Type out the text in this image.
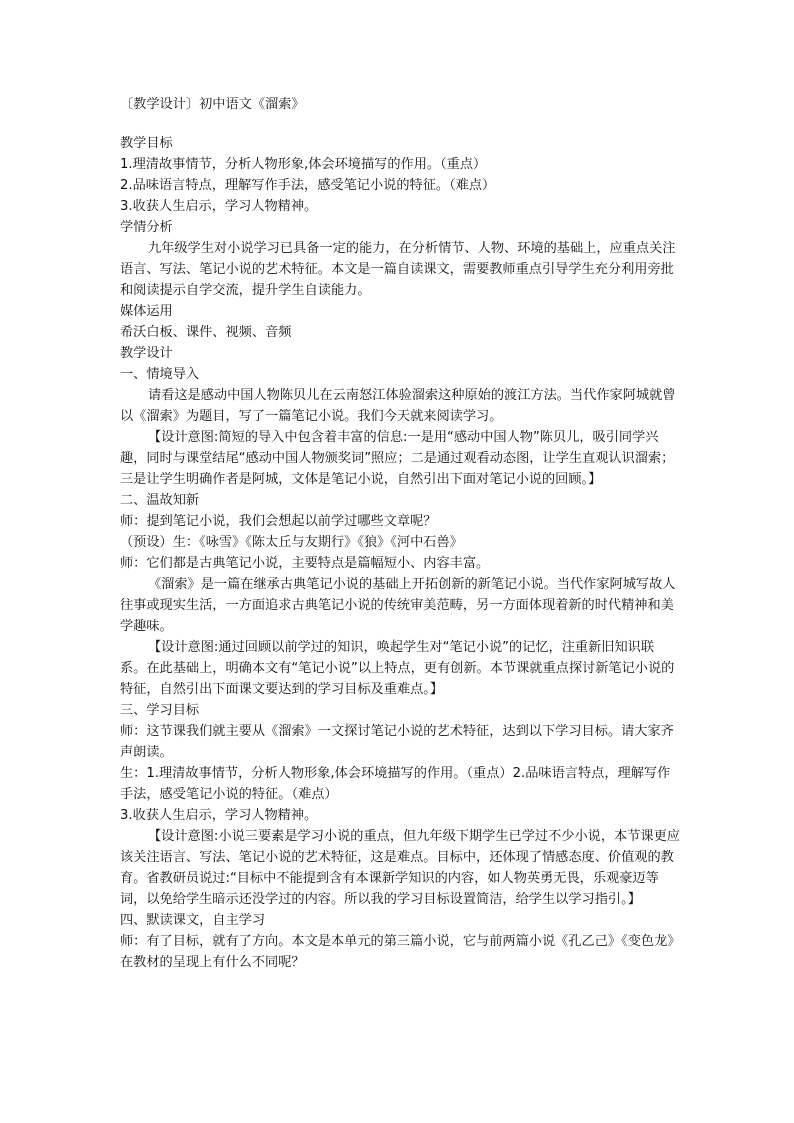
〔教学设计〕初中语文《溜索》

教学目标

1.理清故事情节，分析人物形象,体会环境描写的作用。（重点）

2.品味语言特点，理解写作手法，感受笔记小说的特征。（难点）

3.收获人生启示，学习人物精神。

学情分析

九年级学生对小说学习已具备一定的能力，在分析情节、人物、环境的基础上，应重点关注语言、写法、笔记小说的艺术特征。本文是一篇自读课文，需要教师重点引导学生充分利用旁批和阅读提示自学交流，提升学生自读能力。

媒体运用

希沃白板、课件、视频、音频

教学设计

一、情境导入

请看这是感动中国人物陈贝儿在云南怒江体验溜索这种原始的渡江方法。当代作家阿城就曾以《溜索》为题目，写了一篇笔记小说。我们今天就来阅读学习。

【设计意图:简短的导入中包含着丰富的信息:一是用“感动中国人物”陈贝儿，吸引同学兴趣，同时与课堂结尾“感动中国人物颁奖词”照应；二是通过观看动态图，让学生直观认识溜索；三是让学生明确作者是阿城，文体是笔记小说，自然引出下面对笔记小说的回顾。】

二、温故知新

师：提到笔记小说，我们会想起以前学过哪些文章呢？

（预设）生：《咏雪》《陈太丘与友期行》《狼》《河中石兽》

师：它们都是古典笔记小说，主要特点是篇幅短小、内容丰富。

《溜索》是一篇在继承古典笔记小说的基础上开拓创新的新笔记小说。当代作家阿城写故人往事或现实生活，一方面追求古典笔记小说的传统审美范畴，另一方面体现着新的时代精神和美学趣味。

【设计意图:通过回顾以前学过的知识，唤起学生对“笔记小说”的记忆，注重新旧知识联系。在此基础上，明确本文有“笔记小说”以上特点，更有创新。本节课就重点探讨新笔记小说的特征，自然引出下面课文要达到的学习目标及重难点。】

三、学习目标

师：这节课我们就主要从《溜索》一文探讨笔记小说的艺术特征，达到以下学习目标。请大家齐声朗读。

生：1.理清故事情节，分析人物形象,体会环境描写的作用。（重点）2.品味语言特点，理解写作手法，感受笔记小说的特征。（难点）

3.收获人生启示，学习人物精神。

【设计意图:小说三要素是学习小说的重点，但九年级下期学生已学过不少小说，本节课更应该关注语言、写法、笔记小说的艺术特征，这是难点。目标中，还体现了情感态度、价值观的教育。省教研员说过:“目标中不能提到含有本课新学知识的内容，如人物英勇无畏，乐观豪迈等词，以免给学生暗示还没学过的内容。所以我的学习目标设置简洁，给学生以学习指引。】

四、默读课文，自主学习

师：有了目标，就有了方向。本文是本单元的第三篇小说，它与前两篇小说《孔乙己》《变色龙》在教材的呈现上有什么不同呢？
